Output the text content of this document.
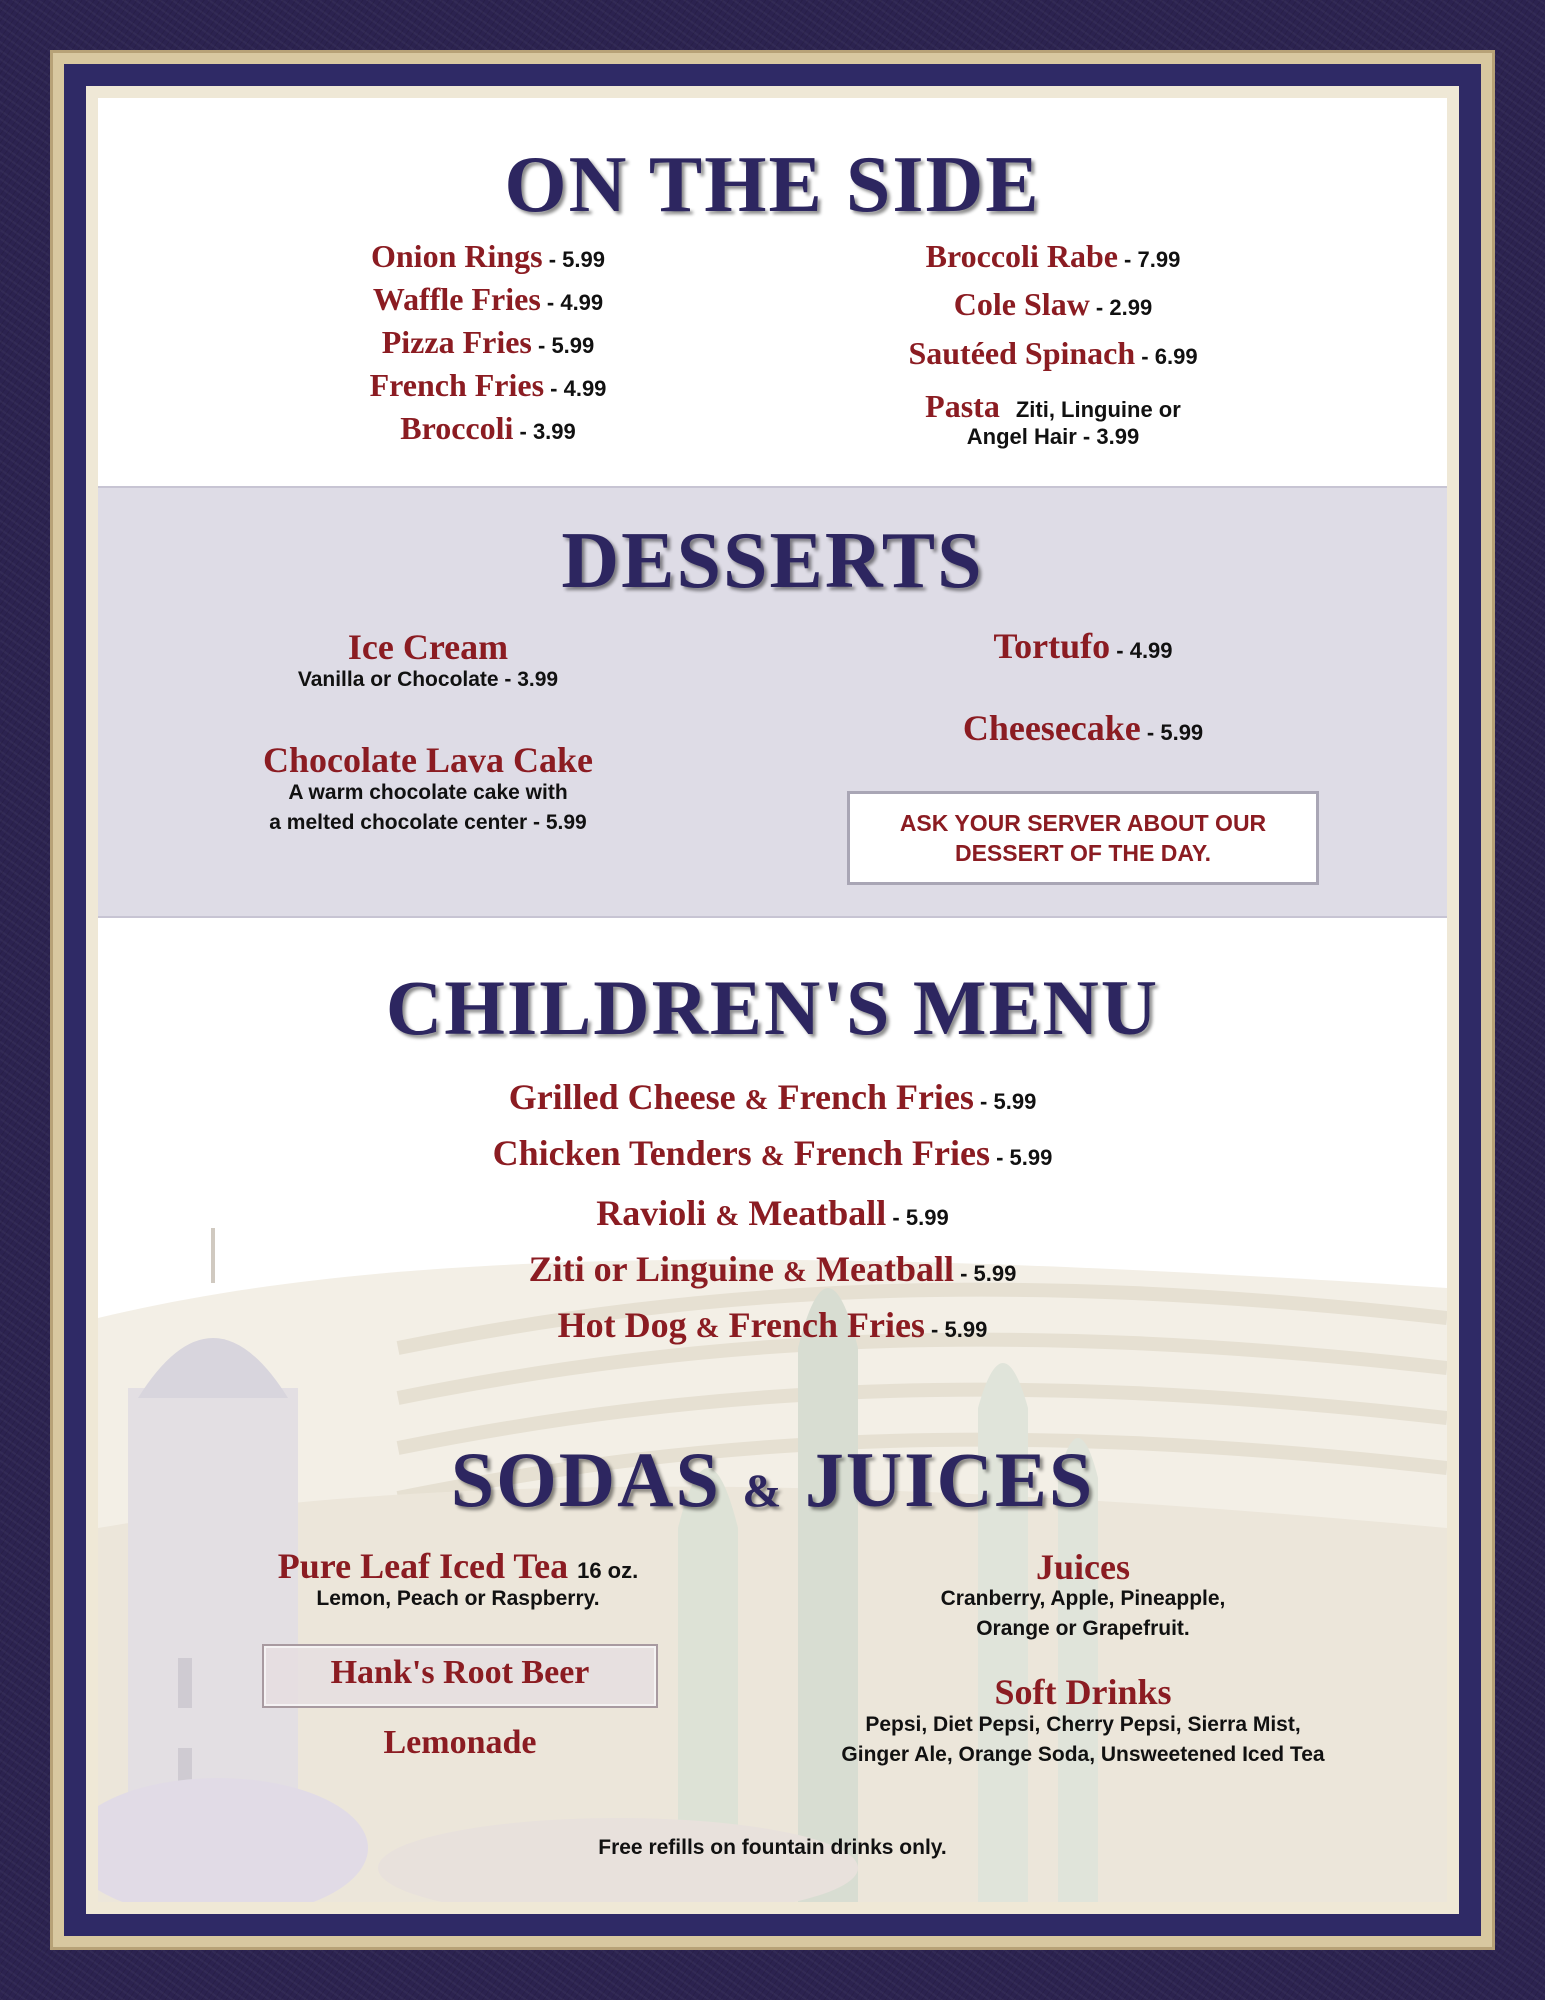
ON THE SIDE
Onion Rings - 5.99
Waffle Fries - 4.99
Pizza Fries - 5.99
French Fries - 4.99
Broccoli - 3.99
Broccoli Rabe - 7.99
Cole Slaw - 2.99
Sautéed Spinach - 6.99
Pasta Ziti, Linguine or
Angel Hair - 3.99
DESSERTS
Ice Cream
Vanilla or Chocolate - 3.99
Chocolate Lava Cake
A warm chocolate cake with
a melted chocolate center - 5.99
Tortufo - 4.99
Cheesecake - 5.99
ASK YOUR SERVER ABOUT OUR DESSERT OF THE DAY.
CHILDREN'S MENU
Grilled Cheese & French Fries - 5.99
Chicken Tenders & French Fries - 5.99
Ravioli & Meatball - 5.99
Ziti or Linguine & Meatball - 5.99
Hot Dog & French Fries - 5.99
SODAS & JUICES
Pure Leaf Iced Tea 16 oz.
Lemon, Peach or Raspberry.
Hank's Root Beer
Lemonade
Juices
Cranberry, Apple, Pineapple,
Orange or Grapefruit.
Soft Drinks
Pepsi, Diet Pepsi, Cherry Pepsi, Sierra Mist,
Ginger Ale, Orange Soda, Unsweetened Iced Tea
Free refills on fountain drinks only.
